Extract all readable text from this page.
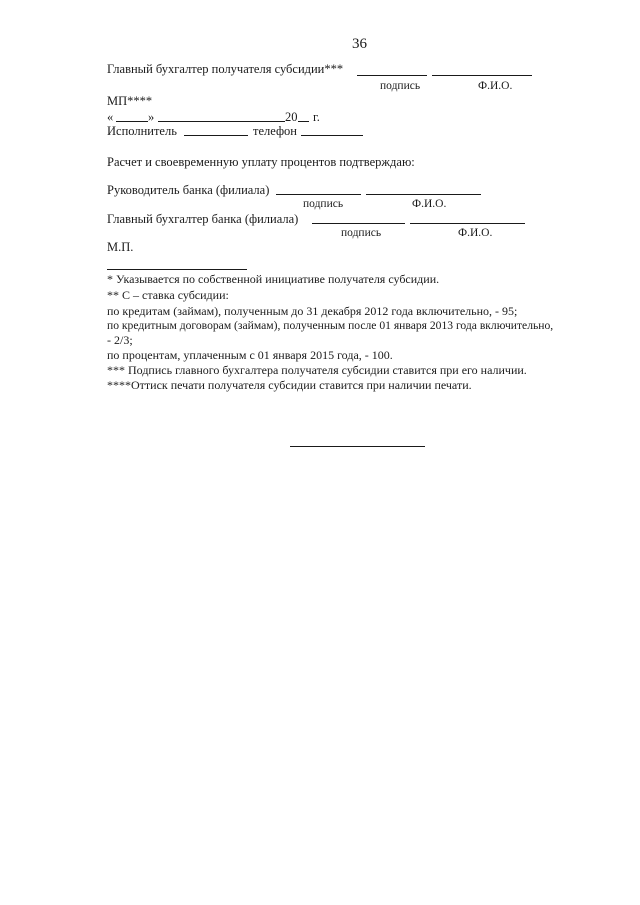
36
Главный бухгалтер получателя субсидии***
подпись	Ф.И.О.
МП****
«	»	20 г.
Исполнитель	телефон
Расчет и своевременную уплату процентов подтверждаю:
Руководитель банка (филиала)
подпись	Ф.И.О.
Главный бухгалтер банка (филиала)
подпись	Ф.И.О.
М.П.
* Указывается по собственной инициативе получателя субсидии.
** С – ставка субсидии:
по кредитам (займам), полученным до 31 декабря 2012 года включительно, - 95;
по кредитным договорам (займам), полученным после 01 января 2013 года включительно,
- 2/3;
по процентам, уплаченным с 01 января 2015 года, - 100.
*** Подпись главного бухгалтера получателя субсидии ставится при его наличии.
****Оттиск печати получателя субсидии ставится при наличии печати.
